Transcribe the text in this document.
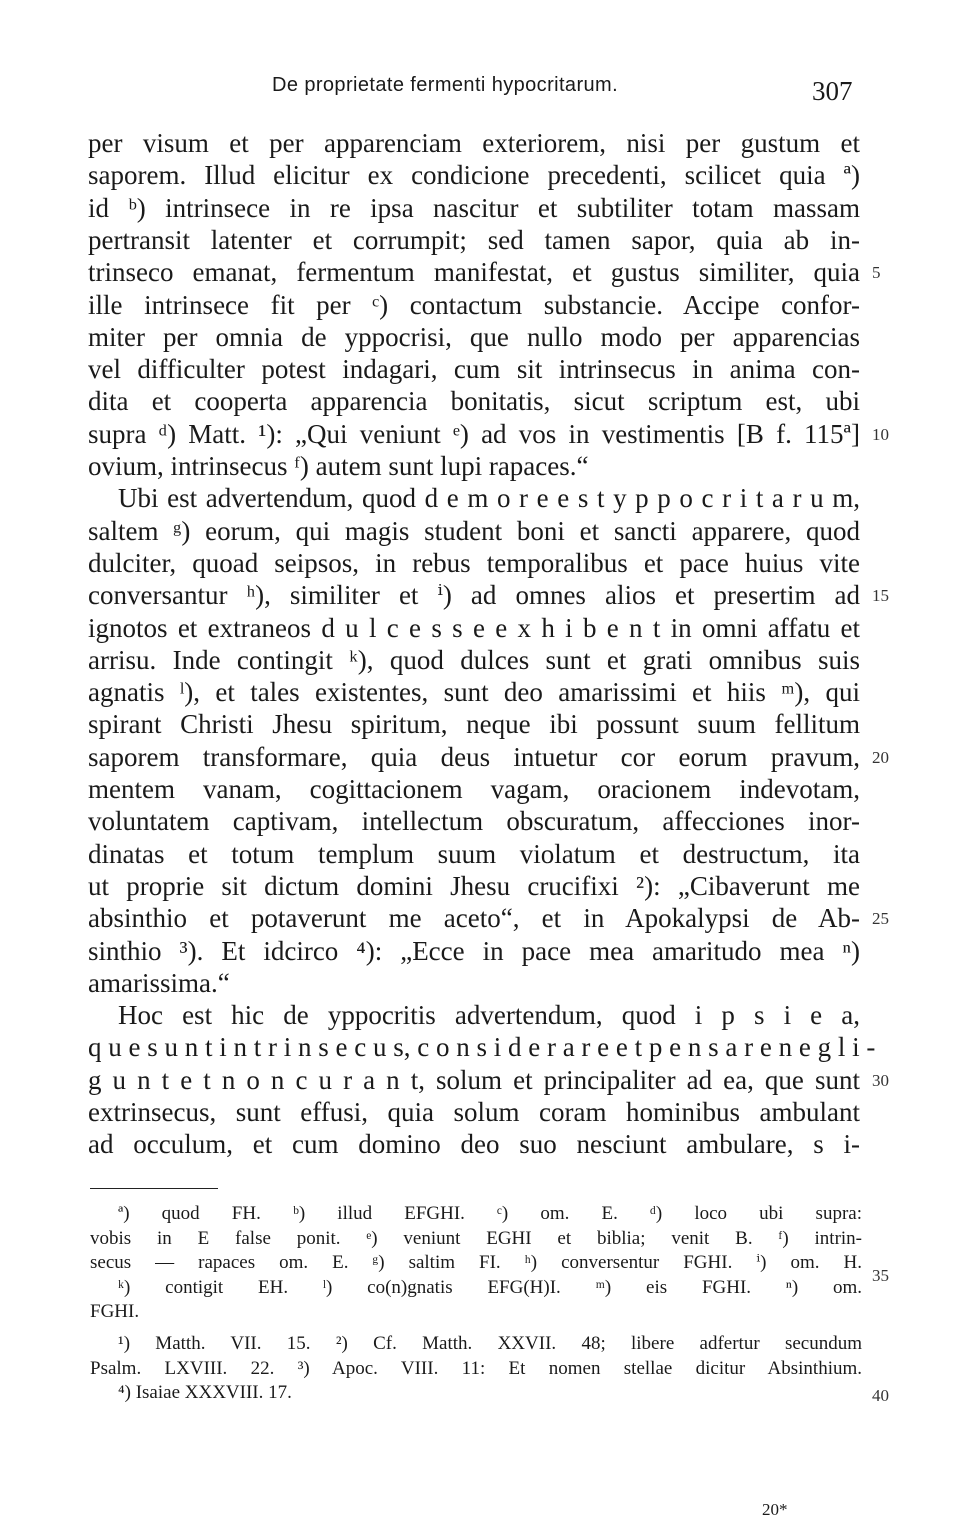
De proprietate fermenti hypocritarum.	307
per visum et per apparenciam exteriorem, nisi per gustum et
saporem. Illud elicitur ex condicione precedenti, scilicet quia ª)
id ᵇ) intrinsece in re ipsa nascitur et subtiliter totam massam
pertransit latenter et corrumpit; sed tamen sapor, quia ab in-
trinseco emanat, fermentum manifestat, et gustus similiter, quia
ille intrinsece fit per ᶜ) contactum substancie. Accipe confor-
miter per omnia de yppocrisi, que nullo modo per apparencias
vel difficulter potest indagari, cum sit intrinsecus in anima con-
dita et cooperta apparencia bonitatis, sicut scriptum est, ubi
supra ᵈ) Matt. ¹): „Qui veniunt ᵉ) ad vos in vestimentis [B f. 115ª]
ovium, intrinsecus ᶠ) autem sunt lupi rapaces.“
Ubi est advertendum, quod d e m o r e e s t y p p o c r i t a r u m,
saltem ᵍ) eorum, qui magis student boni et sancti apparere, quod
dulciter, quoad seipsos, in rebus temporalibus et pace huius vite
conversantur ʰ), similiter et ⁱ) ad omnes alios et presertim ad
ignotos et extraneos d u l c e s s e e x h i b e n t in omni affatu et
arrisu. Inde contingit ᵏ), quod dulces sunt et grati omnibus suis
agnatis ˡ), et tales existentes, sunt deo amarissimi et hiis ᵐ), qui
spirant Christi Jhesu spiritum, neque ibi possunt suum fellitum
saporem transformare, quia deus intuetur cor eorum pravum,
mentem vanam, cogittacionem vagam, oracionem indevotam,
voluntatem captivam, intellectum obscuratum, affecciones inor-
dinatas et totum templum suum violatum et destructum, ita
ut proprie sit dictum domini Jhesu crucifixi ²): „Cibaverunt me
absinthio et potaverunt me aceto“, et in Apokalypsi de Ab-
sinthio ³). Et idcirco ⁴): „Ecce in pace mea amaritudo mea ⁿ)
amarissima.“
Hoc est hic de yppocritis advertendum, quod i p s i e a,
q u e s u n t i n t r i n s e c u s, c o n s i d e r a r e e t p e n s a r e n e g l i -
g u n t e t n o n c u r a n t, solum et principaliter ad ea, que sunt
extrinsecus, sunt effusi, quia solum coram hominibus ambulant
ad occulum, et cum domino deo suo nesciunt ambulare, s i-
5
10
15
20
25
30
ª) quod FH. ᵇ) illud EFGHI. ᶜ) om. E. ᵈ) loco ubi supra:
vobis in E false ponit. ᵉ) veniunt EGHI et biblia; venit B. ᶠ) intrin-
secus — rapaces om. E. ᵍ) saltim FI. ʰ) conversentur FGHI. ⁱ) om. H.
ᵏ) contigit EH. ˡ) co(n)gnatis EFG(H)I. ᵐ) eis FGHI. ⁿ) om.
FGHI.
¹) Matth. VII. 15. ²) Cf. Matth. XXVII. 48; libere adfertur secundum
Psalm. LXVIII. 22. ³) Apoc. VIII. 11: Et nomen stellae dicitur Absinthium.
⁴) Isaiae XXXVIII. 17.
35
40
20*
